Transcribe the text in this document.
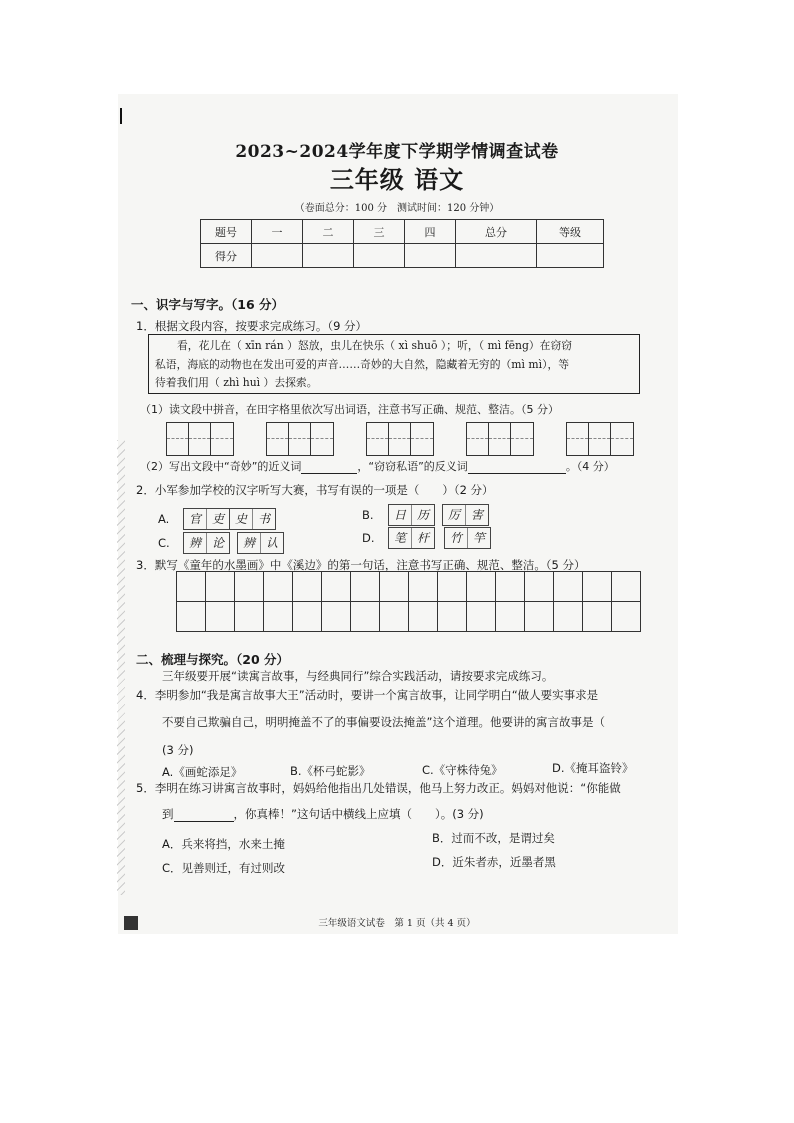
2023~2024学年度下学期学情调查试卷
三年级 语文
（卷面总分：100 分　测试时间：120 分钟）
题号	一	二	三	四	总分	等级
得分						
一、识字与写字。（16 分）
1．根据文段内容，按要求完成练习。（9 分）

看，花儿在（ xīn rán ）怒放，虫儿在快乐（ xì shuō ）；听，（ mì fēng）在窃窃

私语，海底的动物也在发出可爱的声音……奇妙的大自然，隐藏着无穷的（mì mì），等

待着我们用（ zhì huì ）去探索。

（1）读文段中拼音，在田字格里依次写出词语，注意书写正确、规范、整洁。（5 分）
（2）写出文段中“奇妙”的近义词	，“窃窃私语”的反义词	。（4 分）
2．小军参加学校的汉字听写大赛，书写有误的一项是（　　）（2 分）
A.	官 吏 史 书	B.	日 历	厉 害
C.	辨 论	辨 认	D.	笔 杆	竹 竿
3．默写《童年的水墨画》中《溪边》的第一句话，注意书写正确、规范、整洁。（5 分）

二、梳理与探究。（20 分）
三年级要开展“读寓言故事，与经典同行”综合实践活动，请按要求完成练习。
4．李明参加“我是寓言故事大王”活动时，要讲一个寓言故事，让同学明白“做人要实事求是
不要自己欺骗自己，明明掩盖不了的事偏要设法掩盖”这个道理。他要讲的寓言故事是（
(3 分)
A.《画蛇添足》	B.《杯弓蛇影》	C.《守株待兔》	D.《掩耳盗铃》
5．李明在练习讲寓言故事时，妈妈给他指出几处错误，他马上努力改正。妈妈对他说：“你能做
到	，你真棒！”这句话中横线上应填（　　）。(3 分)
A．兵来将挡，水来土掩	B．过而不改，是谓过矣
C．见善则迁，有过则改	D．近朱者赤，近墨者黑
三年级语文试卷　第 1 页（共 4 页）
